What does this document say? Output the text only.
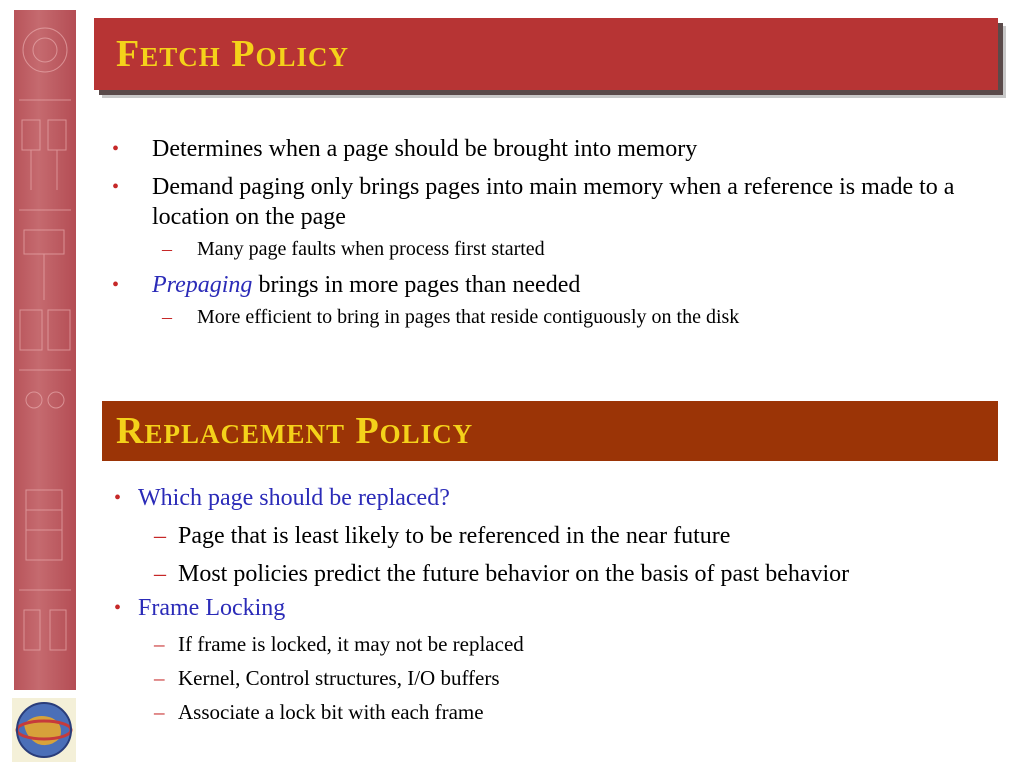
Fetch Policy
• Determines when a page should be brought into memory
• Demand paging only brings pages into main memory when a reference is made to a location on the page
– Many page faults when process first started
• Prepaging brings in more pages than needed
– More efficient to bring in pages that reside contiguously on the disk
Replacement Policy
• Which page should be replaced?
– Page that is least likely to be referenced in the near future
– Most policies predict the future behavior on the basis of past behavior
• Frame Locking
– If frame is locked, it may not be replaced
– Kernel, Control structures, I/O buffers
– Associate a lock bit with each frame
